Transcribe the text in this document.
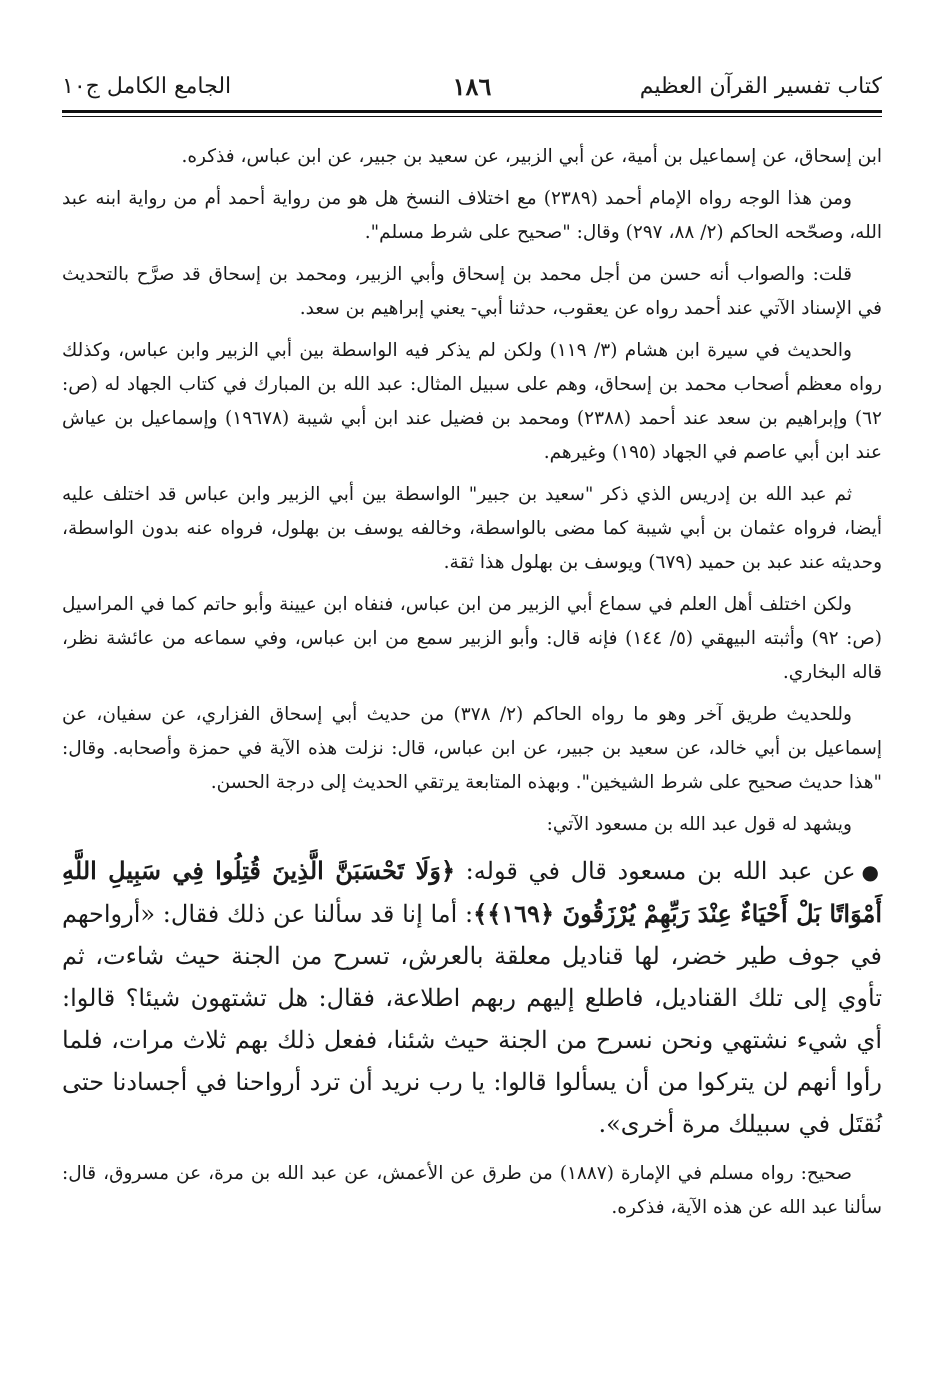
كتاب تفسير القرآن العظيم
١٨٦
الجامع الكامل ج١٠

ابن إسحاق، عن إسماعيل بن أمية، عن أبي الزبير، عن سعيد بن جبير، عن ابن عباس، فذكره.

ومن هذا الوجه رواه الإمام أحمد (٢٣٨٩) مع اختلاف النسخ هل هو من رواية أحمد أم من رواية ابنه عبد الله، وصحّحه الحاكم (٢/ ٨٨، ٢٩٧) وقال: "صحيح على شرط مسلم".

قلت: والصواب أنه حسن من أجل محمد بن إسحاق وأبي الزبير، ومحمد بن إسحاق قد صرَّح بالتحديث في الإسناد الآتي عند أحمد رواه عن يعقوب، حدثنا أبي- يعني إبراهيم بن سعد.

والحديث في سيرة ابن هشام (٣/ ١١٩) ولكن لم يذكر فيه الواسطة بين أبي الزبير وابن عباس، وكذلك رواه معظم أصحاب محمد بن إسحاق، وهم على سبيل المثال: عبد الله بن المبارك في كتاب الجهاد له (ص: ٦٢) وإبراهيم بن سعد عند أحمد (٢٣٨٨) ومحمد بن فضيل عند ابن أبي شيبة (١٩٦٧٨) وإسماعيل بن عياش عند ابن أبي عاصم في الجهاد (١٩٥) وغيرهم.

ثم عبد الله بن إدريس الذي ذكر "سعيد بن جبير" الواسطة بين أبي الزبير وابن عباس قد اختلف عليه أيضا، فرواه عثمان بن أبي شيبة كما مضى بالواسطة، وخالفه يوسف بن بهلول، فرواه عنه بدون الواسطة، وحديثه عند عبد بن حميد (٦٧٩) ويوسف بن بهلول هذا ثقة.

ولكن اختلف أهل العلم في سماع أبي الزبير من ابن عباس، فنفاه ابن عيينة وأبو حاتم كما في المراسيل (ص: ٩٢) وأثبته البيهقي (٥/ ١٤٤) فإنه قال: وأبو الزبير سمع من ابن عباس، وفي سماعه من عائشة نظر، قاله البخاري.

وللحديث طريق آخر وهو ما رواه الحاكم (٢/ ٣٧٨) من حديث أبي إسحاق الفزاري، عن سفيان، عن إسماعيل بن أبي خالد، عن سعيد بن جبير، عن ابن عباس، قال: نزلت هذه الآية في حمزة وأصحابه. وقال: "هذا حديث صحيح على شرط الشيخين". وبهذه المتابعة يرتقي الحديث إلى درجة الحسن.

ويشهد له قول عبد الله بن مسعود الآتي:

●عن عبد الله بن مسعود قال في قوله: ﴿وَلَا تَحْسَبَنَّ الَّذِينَ قُتِلُوا فِي سَبِيلِ اللَّهِ أَمْوَاتًا بَلْ أَحْيَاءٌ عِنْدَ رَبِّهِمْ يُرْزَقُونَ ﴿١٦٩﴾﴾: أما إنا قد سألنا عن ذلك فقال: «أرواحهم في جوف طير خضر، لها قناديل معلقة بالعرش، تسرح من الجنة حيث شاءت، ثم تأوي إلى تلك القناديل، فاطلع إليهم ربهم اطلاعة، فقال: هل تشتهون شيئا؟ قالوا: أي شيء نشتهي ونحن نسرح من الجنة حيث شئنا، ففعل ذلك بهم ثلاث مرات، فلما رأوا أنهم لن يتركوا من أن يسألوا قالوا: يا رب نريد أن ترد أرواحنا في أجسادنا حتى نُقتَل في سبيلك مرة أخرى».

صحيح: رواه مسلم في الإمارة (١٨٨٧) من طرق عن الأعمش، عن عبد الله بن مرة، عن مسروق، قال: سألنا عبد الله عن هذه الآية، فذكره.
